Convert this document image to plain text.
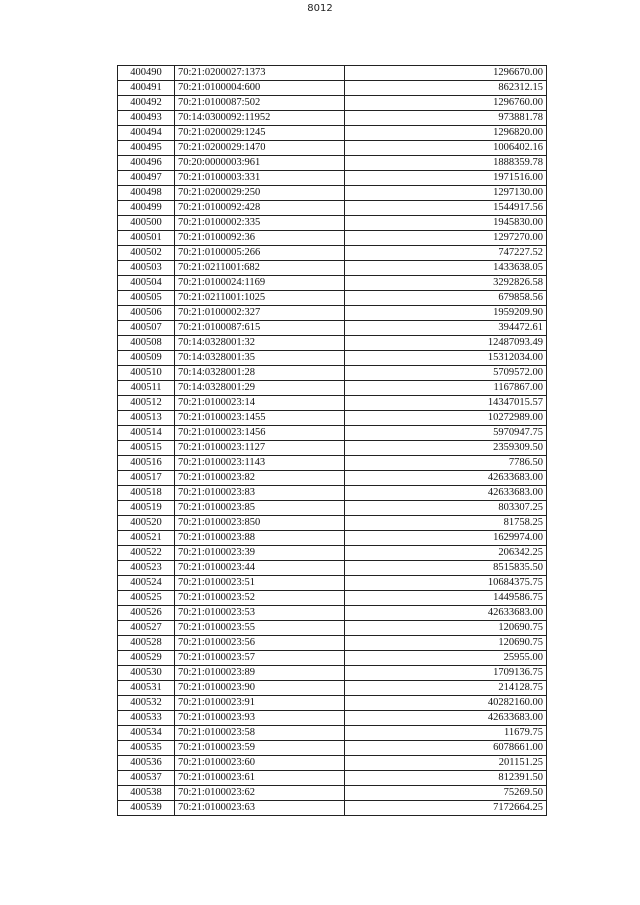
8012
400490	70:21:0200027:1373	1296670.00
400491	70:21:0100004:600	862312.15
400492	70:21:0100087:502	1296760.00
400493	70:14:0300092:11952	973881.78
400494	70:21:0200029:1245	1296820.00
400495	70:21:0200029:1470	1006402.16
400496	70:20:0000003:961	1888359.78
400497	70:21:0100003:331	1971516.00
400498	70:21:0200029:250	1297130.00
400499	70:21:0100092:428	1544917.56
400500	70:21:0100002:335	1945830.00
400501	70:21:0100092:36	1297270.00
400502	70:21:0100005:266	747227.52
400503	70:21:0211001:682	1433638.05
400504	70:21:0100024:1169	3292826.58
400505	70:21:0211001:1025	679858.56
400506	70:21:0100002:327	1959209.90
400507	70:21:0100087:615	394472.61
400508	70:14:0328001:32	12487093.49
400509	70:14:0328001:35	15312034.00
400510	70:14:0328001:28	5709572.00
400511	70:14:0328001:29	1167867.00
400512	70:21:0100023:14	14347015.57
400513	70:21:0100023:1455	10272989.00
400514	70:21:0100023:1456	5970947.75
400515	70:21:0100023:1127	2359309.50
400516	70:21:0100023:1143	7786.50
400517	70:21:0100023:82	42633683.00
400518	70:21:0100023:83	42633683.00
400519	70:21:0100023:85	803307.25
400520	70:21:0100023:850	81758.25
400521	70:21:0100023:88	1629974.00
400522	70:21:0100023:39	206342.25
400523	70:21:0100023:44	8515835.50
400524	70:21:0100023:51	10684375.75
400525	70:21:0100023:52	1449586.75
400526	70:21:0100023:53	42633683.00
400527	70:21:0100023:55	120690.75
400528	70:21:0100023:56	120690.75
400529	70:21:0100023:57	25955.00
400530	70:21:0100023:89	1709136.75
400531	70:21:0100023:90	214128.75
400532	70:21:0100023:91	40282160.00
400533	70:21:0100023:93	42633683.00
400534	70:21:0100023:58	11679.75
400535	70:21:0100023:59	6078661.00
400536	70:21:0100023:60	201151.25
400537	70:21:0100023:61	812391.50
400538	70:21:0100023:62	75269.50
400539	70:21:0100023:63	7172664.25
